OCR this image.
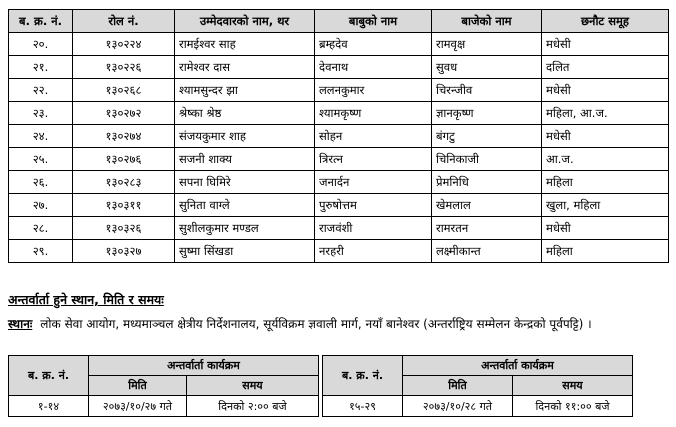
ब. क्र. नं.	रोल नं.	उम्मेदवारको नाम, थर	बाबुको नाम	बाजेको नाम	छनौट समूह
२०.	१३०२२४	रामईश्वर साह	ब्रम्हदेव	रामवृक्ष	मधेसी
२१.	१३०२२६	रामेश्वर दास	देवनाथ	सुवध	दलित
२२.	१३०२६८	श्यामसुन्दर झा	ललनकुमार	चिरन्जीव	मधेसी
२३.	१३०२७२	श्रेष्का श्रेष्ठ	श्यामकृष्ण	ज्ञानकृष्ण	महिला, आ.ज.
२४.	१३०२७४	संजयकुमार शाह	सोहन	बंगटु	मधेसी
२५.	१३०२७६	सजनी शाक्य	त्रिरत्न	चिनिकाजी	आ.ज.
२६.	१३०२८३	सपना घिमिरे	जनार्दन	प्रेमनिधि	महिला
२७.	१३०३११	सुनिता वाग्ले	पुरुषोत्तम	खेमलाल	खुला, महिला
२८.	१३०३२६	सुशीलकुमार मण्डल	राजवंशी	रामरतन	मधेसी
२९.	१३०३२७	सुष्मा सिंखडा	नरहरी	लक्ष्मीकान्त	महिला
अन्तर्वार्ता हुने स्थान, मिति र समयः
स्थानः लोक सेवा आयोग, मध्यमाञ्चल क्षेत्रीय निर्देशनालय, सूर्यविक्रम ज्ञवाली मार्ग, नयाँ बानेश्वर (अन्तर्राष्ट्रिय सम्मेलन केन्द्रको पूर्वपट्टि) ।
ब. क्र. नं.	अन्तर्वार्ता कार्यक्रम	
	मिति	समय
१-१४	२०७३/१०/२७ गते	दिनको २:०० बजे
ब. क्र. नं.	अन्तर्वार्ता कार्यक्रम	
	मिति	समय
१५-२९	२०७३/१०/२८ गते	दिनको ११:०० बजे
